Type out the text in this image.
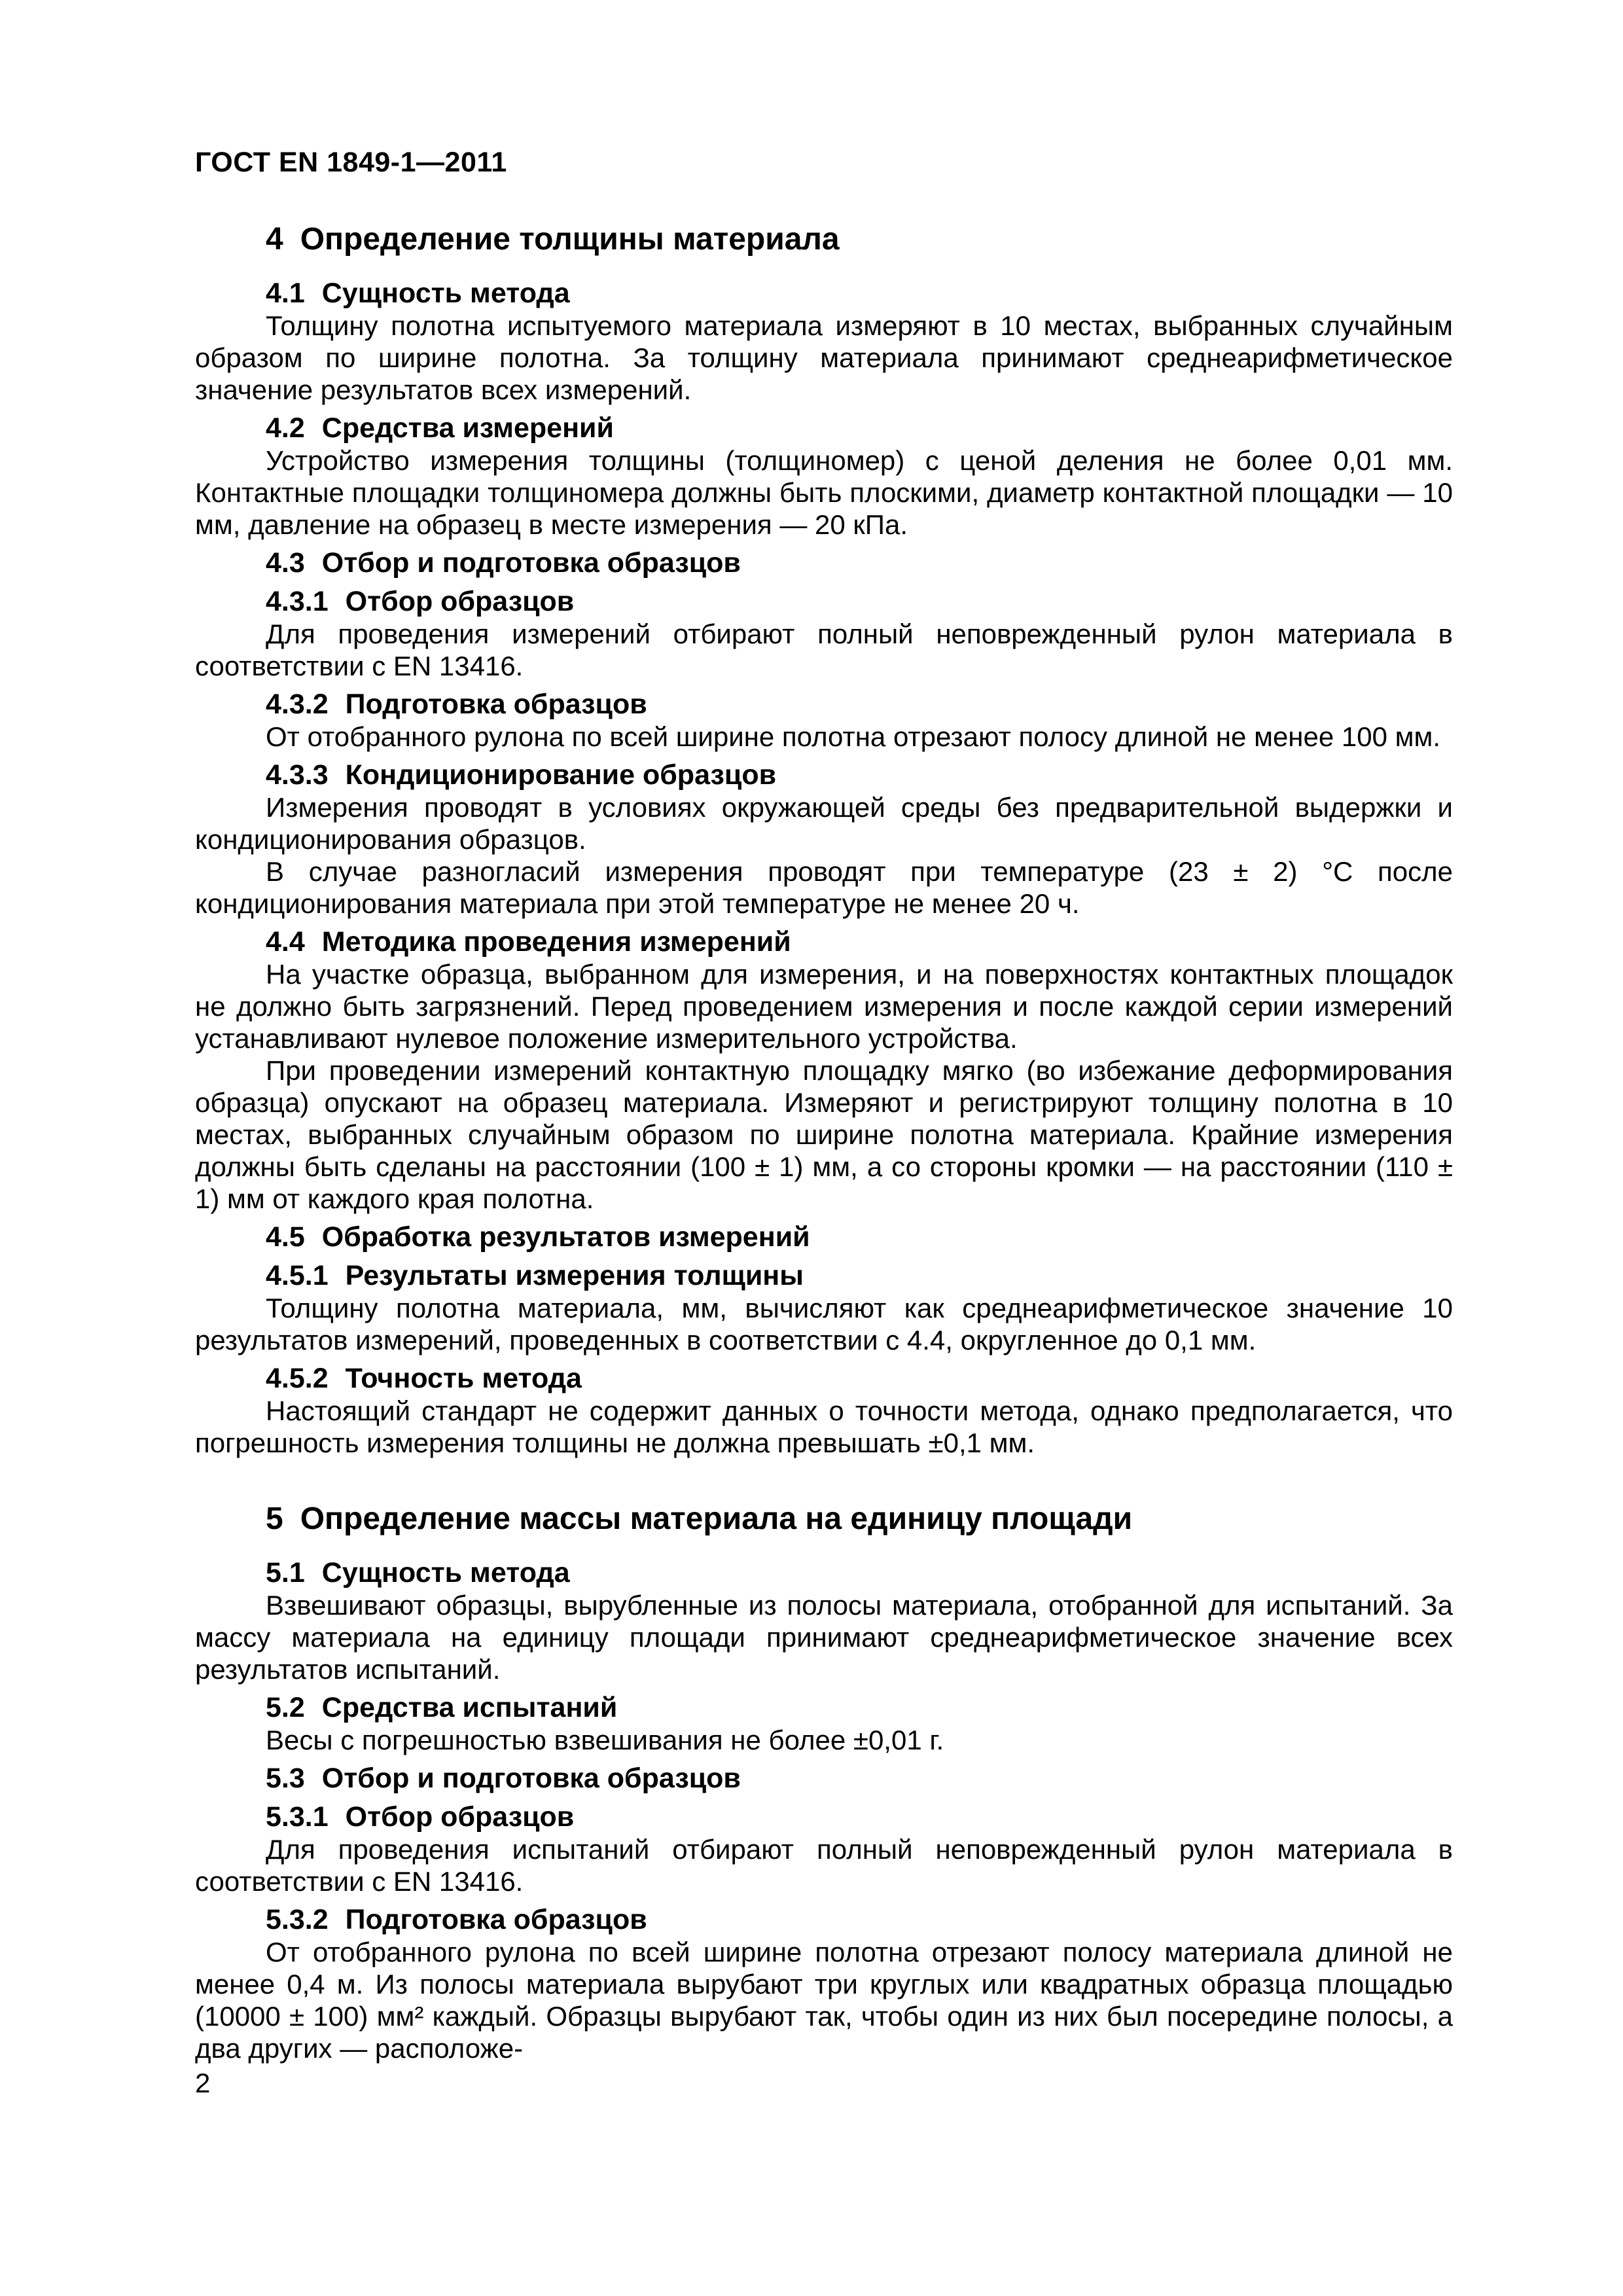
ГОСТ EN 1849-1—2011
4 Определение толщины материала
4.1 Сущность метода

Толщину полотна испытуемого материала измеряют в 10 местах, выбранных случайным образом по ширине полотна. За толщину материала принимают среднеарифметическое значение результатов всех измерений.

4.2 Средства измерений

Устройство измерения толщины (толщиномер) с ценой деления не более 0,01 мм. Контактные площадки толщиномера должны быть плоскими, диаметр контактной площадки — 10 мм, давление на образец в месте измерения — 20 кПа.

4.3 Отбор и подготовка образцов
4.3.1 Отбор образцов

Для проведения измерений отбирают полный неповрежденный рулон материала в соответствии с EN 13416.

4.3.2 Подготовка образцов

От отобранного рулона по всей ширине полотна отрезают полосу длиной не менее 100 мм.

4.3.3 Кондиционирование образцов

Измерения проводят в условиях окружающей среды без предварительной выдержки и кондиционирования образцов.

В случае разногласий измерения проводят при температуре (23 ± 2) °С после кондиционирования материала при этой температуре не менее 20 ч.

4.4 Методика проведения измерений

На участке образца, выбранном для измерения, и на поверхностях контактных площадок не должно быть загрязнений. Перед проведением измерения и после каждой серии измерений устанавливают нулевое положение измерительного устройства.

При проведении измерений контактную площадку мягко (во избежание деформирования образца) опускают на образец материала. Измеряют и регистрируют толщину полотна в 10 местах, выбранных случайным образом по ширине полотна материала. Крайние измерения должны быть сделаны на расстоянии (100 ± 1) мм, а со стороны кромки — на расстоянии (110 ± 1) мм от каждого края полотна.

4.5 Обработка результатов измерений
4.5.1 Результаты измерения толщины

Толщину полотна материала, мм, вычисляют как среднеарифметическое значение 10 результатов измерений, проведенных в соответствии с 4.4, округленное до 0,1 мм.

4.5.2 Точность метода

Настоящий стандарт не содержит данных о точности метода, однако предполагается, что погрешность измерения толщины не должна превышать ±0,1 мм.

5 Определение массы материала на единицу площади
5.1 Сущность метода

Взвешивают образцы, вырубленные из полосы материала, отобранной для испытаний. За массу материала на единицу площади принимают среднеарифметическое значение всех результатов испытаний.

5.2 Средства испытаний

Весы с погрешностью взвешивания не более ±0,01 г.

5.3 Отбор и подготовка образцов
5.3.1 Отбор образцов

Для проведения испытаний отбирают полный неповрежденный рулон материала в соответствии с EN 13416.

5.3.2 Подготовка образцов

От отобранного рулона по всей ширине полотна отрезают полосу материала длиной не менее 0,4 м. Из полосы материала вырубают три круглых или квадратных образца площадью (10000 ± 100) мм² каждый. Образцы вырубают так, чтобы один из них был посередине полосы, а два других — расположе-

2
